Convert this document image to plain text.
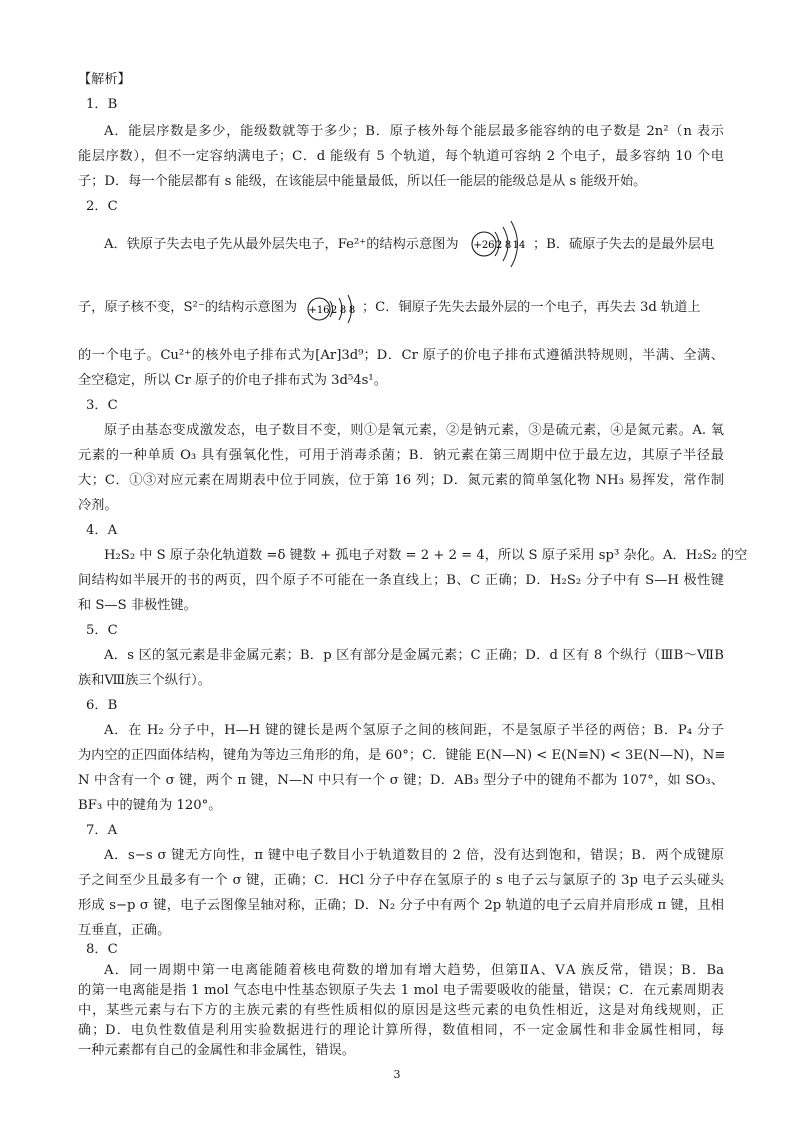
【解析】
1．B
A．能层序数是多少，能级数就等于多少；B．原子核外每个能层最多能容纳的电子数是 2n²（n 表示
能层序数），但不一定容纳满电子；C．d 能级有 5 个轨道，每个轨道可容纳 2 个电子，最多容纳 10 个电
子；D．每一个能层都有 s 能级，在该能层中能量最低，所以任一能层的能级总是从 s 能级开始。
2．C
A．铁原子失去电子先从最外层失电子，Fe²⁺的结构示意图为 +26 2 8 14 ；B．硫原子失去的是最外层电
子，原子核不变，S²⁻的结构示意图为 +16 2 8 8 ；C．铜原子先失去最外层的一个电子，再失去 3d 轨道上
的一个电子。Cu²⁺的核外电子排布式为[Ar]3d⁹；D．Cr 原子的价电子排布式遵循洪特规则，半满、全满、
全空稳定，所以 Cr 原子的价电子排布式为 3d⁵4s¹。
3．C
原子由基态变成激发态，电子数目不变，则①是氧元素，②是钠元素，③是硫元素，④是氮元素。A. 氧
元素的一种单质 O₃ 具有强氧化性，可用于消毒杀菌；B．钠元素在第三周期中位于最左边，其原子半径最
大；C．①③对应元素在周期表中位于同族，位于第 16 列；D．氮元素的简单氢化物 NH₃ 易挥发，常作制
冷剂。
4．A
H₂S₂ 中 S 原子杂化轨道数 =δ 键数 + 孤电子对数 = 2 + 2 = 4，所以 S 原子采用 sp³ 杂化。A．H₂S₂ 的空
间结构如半展开的书的两页，四个原子不可能在一条直线上；B、C 正确；D．H₂S₂ 分子中有 S—H 极性键
和 S—S 非极性键。
5．C
A．s 区的氢元素是非金属元素；B．p 区有部分是金属元素；C 正确；D．d 区有 8 个纵行（ⅢB～ⅦB
族和Ⅷ族三个纵行）。
6．B
A．在 H₂ 分子中，H—H 键的键长是两个氢原子之间的核间距，不是氢原子半径的两倍；B．P₄ 分子
为内空的正四面体结构，键角为等边三角形的角，是 60°；C．键能 E(N—N) < E(N≡N) < 3E(N—N)，N≡
N 中含有一个 σ 键，两个 π 键，N—N 中只有一个 σ 键；D．AB₃ 型分子中的键角不都为 107°，如 SO₃、
BF₃ 中的键角为 120°。
7．A
A．s−s σ 键无方向性，π 键中电子数目小于轨道数目的 2 倍，没有达到饱和，错误；B．两个成键原
子之间至少且最多有一个 σ 键，正确；C．HCl 分子中存在氢原子的 s 电子云与氯原子的 3p 电子云头碰头
形成 s−p σ 键，电子云图像呈轴对称，正确；D．N₂ 分子中有两个 2p 轨道的电子云肩并肩形成 π 键，且相
互垂直，正确。
8．C
A．同一周期中第一电离能随着核电荷数的增加有增大趋势，但第ⅡA、ⅤA 族反常，错误；B．Ba
的第一电离能是指 1 mol 气态电中性基态钡原子失去 1 mol 电子需要吸收的能量，错误；C．在元素周期表
中，某些元素与右下方的主族元素的有些性质相似的原因是这些元素的电负性相近，这是对角线规则，正
确；D．电负性数值是利用实验数据进行的理论计算所得，数值相同，不一定金属性和非金属性相同，每
3
一种元素都有自己的金属性和非金属性，错误。
